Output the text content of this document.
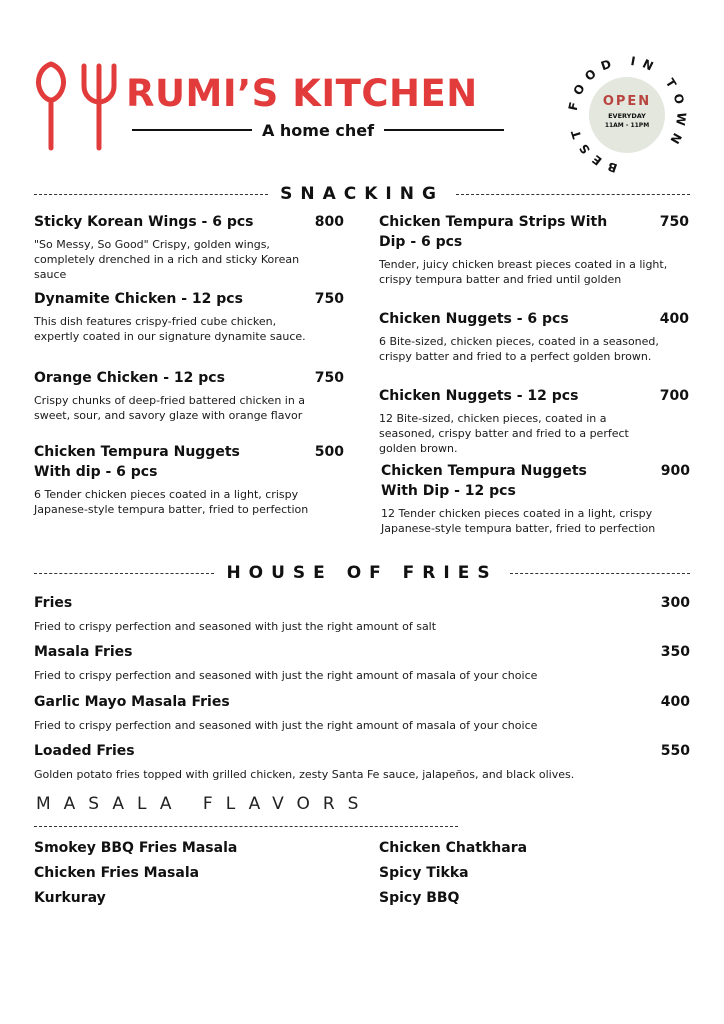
RUMI’S KITCHEN
A home chef
BEST FOOD IN TOWN
OPEN
EVERYDAY
11AM - 11PM
SNACKING
Sticky Korean Wings - 6 pcs	800
"So Messy, So Good" Crispy, golden wings, completely drenched in a rich and sticky Korean sauce
Dynamite Chicken - 12 pcs	750
This dish features crispy-fried cube chicken, expertly coated in our signature dynamite sauce.
Orange Chicken - 12 pcs	750
Crispy chunks of deep-fried battered chicken in a sweet, sour, and savory glaze with orange flavor
Chicken Tempura Nuggets With dip - 6 pcs
500
6 Tender chicken pieces coated in a light, crispy Japanese-style tempura batter, fried to perfection
Chicken Tempura Strips With Dip - 6 pcs
750
Tender, juicy chicken breast pieces coated in a light, crispy tempura batter and fried until golden
Chicken Nuggets - 6 pcs	400
6 Bite-sized, chicken pieces, coated in a seasoned, crispy batter and fried to a perfect golden brown.
Chicken Nuggets - 12 pcs	700
12 Bite-sized, chicken pieces, coated in a seasoned, crispy batter and fried to a perfect golden brown.
Chicken Tempura Nuggets With Dip - 12 pcs
900
12 Tender chicken pieces coated in a light, crispy Japanese-style tempura batter, fried to perfection
HOUSE OF FRIES
Fries	300
Fried to crispy perfection and seasoned with just the right amount of salt
Masala Fries	350
Fried to crispy perfection and seasoned with just the right amount of masala of your choice
Garlic Mayo Masala Fries	400
Fried to crispy perfection and seasoned with just the right amount of masala of your choice
Loaded Fries	550
Golden potato fries topped with grilled chicken, zesty Santa Fe sauce, jalapeños, and black olives.
MASALA FLAVORS
Smokey BBQ Fries Masala
Chicken Fries Masala
Kurkuray
Chicken Chatkhara
Spicy Tikka
Spicy BBQ
